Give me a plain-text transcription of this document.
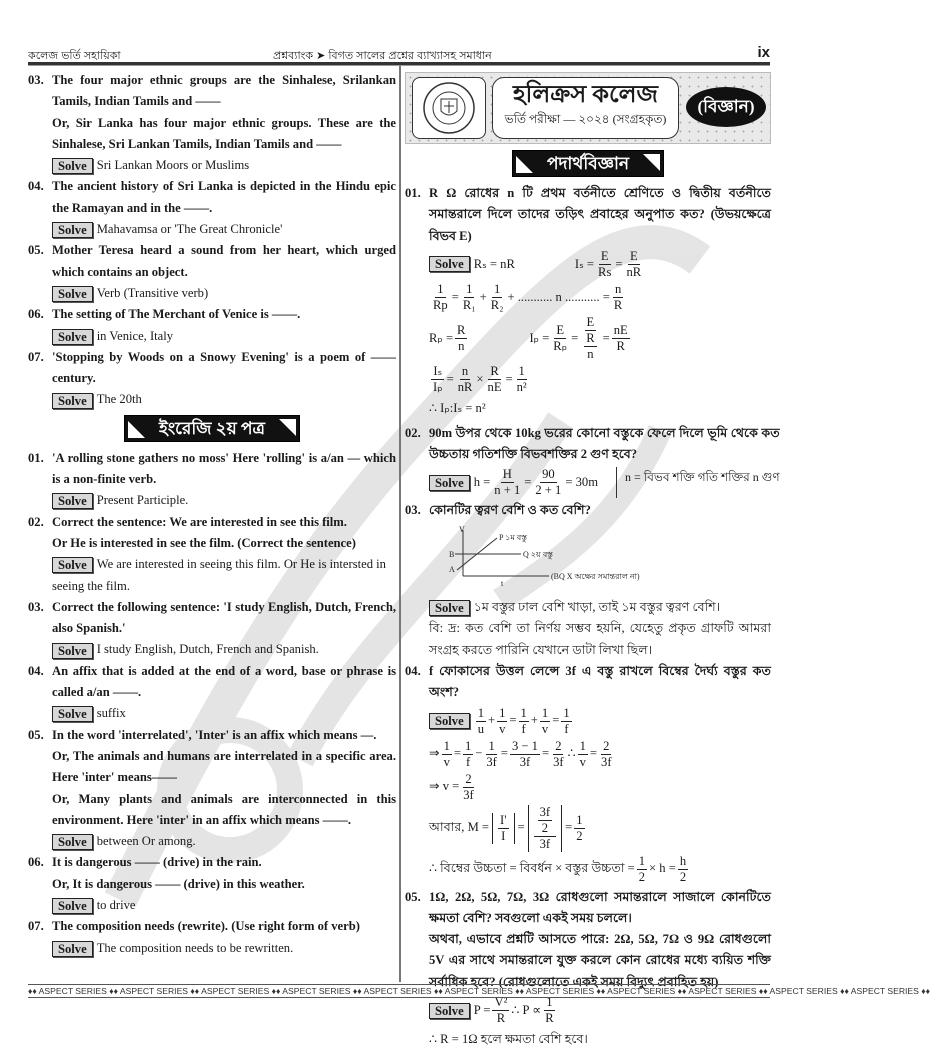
কলেজ ভর্তি সহায়িকা	প্রশ্নব্যাংক ➤ বিগত সালের প্রশ্নের ব্যাখ্যাসহ সমাধান	ix
03. The four major ethnic groups are the Sinhalese, Srilankan Tamils, Indian Tamils and ——
Or, Sir Lanka has four major ethnic groups. These are the Sinhalese, Sri Lankan Tamils, Indian Tamils and ——
Solve Sri Lankan Moors or Muslims
04. The ancient history of Sri Lanka is depicted in the Hindu epic the Ramayan and in the ——.
Solve Mahavamsa or 'The Great Chronicle'
05. Mother Teresa heard a sound from her heart, which urged which contains an object.
Solve Verb (Transitive verb)
06. The setting of The Merchant of Venice is ——.
Solve in Venice, Italy
07. 'Stopping by Woods on a Snowy Evening' is a poem of —— century.
Solve The 20th
ইংরেজি ২য় পত্র
01. 'A rolling stone gathers no moss' Here 'rolling' is a/an — which is a non-finite verb.
Solve Present Participle.
02. Correct the sentence: We are interested in see this film.
Or He is interested in see the film. (Correct the sentence)
Solve We are interested in seeing this film. Or He is intersted in seeing the film.
03. Correct the following sentence: 'I study English, Dutch, French, also Spanish.'
Solve I study English, Dutch, French and Spanish.
04. An affix that is added at the end of a word, base or phrase is called a/an ——.
Solve suffix
05. In the word 'interrelated', 'Inter' is an affix which means —.
Or, The animals and humans are interrelated in a specific area. Here 'inter' means——
Or, Many plants and animals are interconnected in this environment. Here 'inter' in an affix which means ——.
Solve between Or among.
06. It is dangerous —— (drive) in the rain.
Or, It is dangerous —— (drive) in this weather.
Solve to drive
07. The composition needs (rewrite). (Use right form of verb)
Solve The composition needs to be rewritten.
হলিক্রস কলেজ
ভর্তি পরীক্ষা — ২০২৪ (সংগ্রহকৃত)
(বিজ্ঞান)
পদার্থবিজ্ঞান
01. R Ω রোধের n টি প্রথম বর্তনীতে শ্রেণিতে ও দ্বিতীয় বর্তনীতে সমান্তরালে দিলে তাদের তড়িৎ প্রবাহের অনুপাত কত? (উভয়ক্ষেত্রে বিভব E)
Solve Rₛ = nR	$I_s = \frac{E}{Rs} = \frac{E}{nR}$
$\frac{1}{Rp} = \frac{1}{\text{R₁}} + \frac{1}{\text{R₂}}$ + ........... n ........... = $\frac{n}{R}$
$R_p = \frac{R}{n}$	$I_p = \frac{E}{\text{Rₚ}} = \frac{E}{\frac{R}{n}} = \frac{nE}{R}$
$\frac{\text{Iₛ}}{\text{Iₚ}} = \frac{n}{nR} \times \frac{R}{nE} = \frac{1}{\text{n²}}$
∴ Iₚ:Iₛ = n²
02. 90m উপর থেকে 10kg ভরের কোনো বস্তুকে ফেলে দিলে ভূমি থেকে কত উচ্চতায় গতিশক্তি বিভবশক্তির 2 গুণ হবে?
Solve $h = \frac{H}{n + 1} = \frac{90}{2 + 1} = 30m$	n = বিভব শক্তি গতি শক্তির n গুণ
03. কোনটির ত্বরণ বেশি ও কত বেশি?
V
t
P ১ম বস্তু
Q ২য় বস্তু
B
A
(BQ X অক্ষের সমান্তরাল না)
Solve ১ম বস্তুর ঢাল বেশি খাড়া, তাই ১ম বস্তুর ত্বরণ বেশি।
বি: দ্র: কত বেশি তা নির্ণয় সম্ভব হয়নি, যেহেতু প্রকৃত গ্রাফটি আমরা সংগ্রহ করতে পারিনি যেখানে ডাটা লিখা ছিল।
04. f ফোকাসের উত্তল লেন্সে 3f এ বস্তু রাখলে বিম্বের দৈর্ঘ্য বস্তুর কত অংশ?
Solve $\frac{1}{u} + \frac{1}{v} = \frac{1}{f} + \frac{1}{v} = \frac{1}{f}$
⇒ $\frac{1}{v} = \frac{1}{f} - \frac{1}{3f} = \frac{3 - 1}{3f} = \frac{2}{3f}$ ∴ $\frac{1}{v} = \frac{2}{3f}$
⇒ $v = \frac{2}{3f}$
আবার, $M = \frac{I'}{I} = \frac{\frac{3f}{2}}{3f} = \frac{1}{2}$
∴ বিম্বের উচ্চতা = বিবর্ধন × বস্তুর উচ্চতা = $\frac{1}{2} \times h = \frac{h}{2}$
05. 1Ω, 2Ω, 5Ω, 7Ω, 3Ω রোধগুলো সমান্তরালে সাজালে কোনটিতে ক্ষমতা বেশি? সবগুলো একই সময় চললে।
অথবা, এভাবে প্রশ্নটি আসতে পারে: 2Ω, 5Ω, 7Ω ও 9Ω রোধগুলো 5V এর সাথে সমান্তরালে যুক্ত করলে কোন রোধের মধ্যে ব্যয়িত শক্তি সর্বাধিক হবে? (রোধগুলোতে একই সময় বিদ্যুৎ প্রবাহিত হয়)
Solve $P = \frac{\text{V²}}{R}$ ∴ $P \propto \frac{1}{R}$
∴ R = 1Ω হলে ক্ষমতা বেশি হবে।
♦♦ ASPECT SERIES ♦♦ ASPECT SERIES ♦♦ ASPECT SERIES ♦♦ ASPECT SERIES ♦♦ ASPECT SERIES ♦♦ ASPECT SERIES ♦♦ ASPECT SERIES ♦♦ ASPECT SERIES ♦♦ ASPECT SERIES ♦♦ ASPECT SERIES ♦♦ ASPECT SERIES ♦♦
